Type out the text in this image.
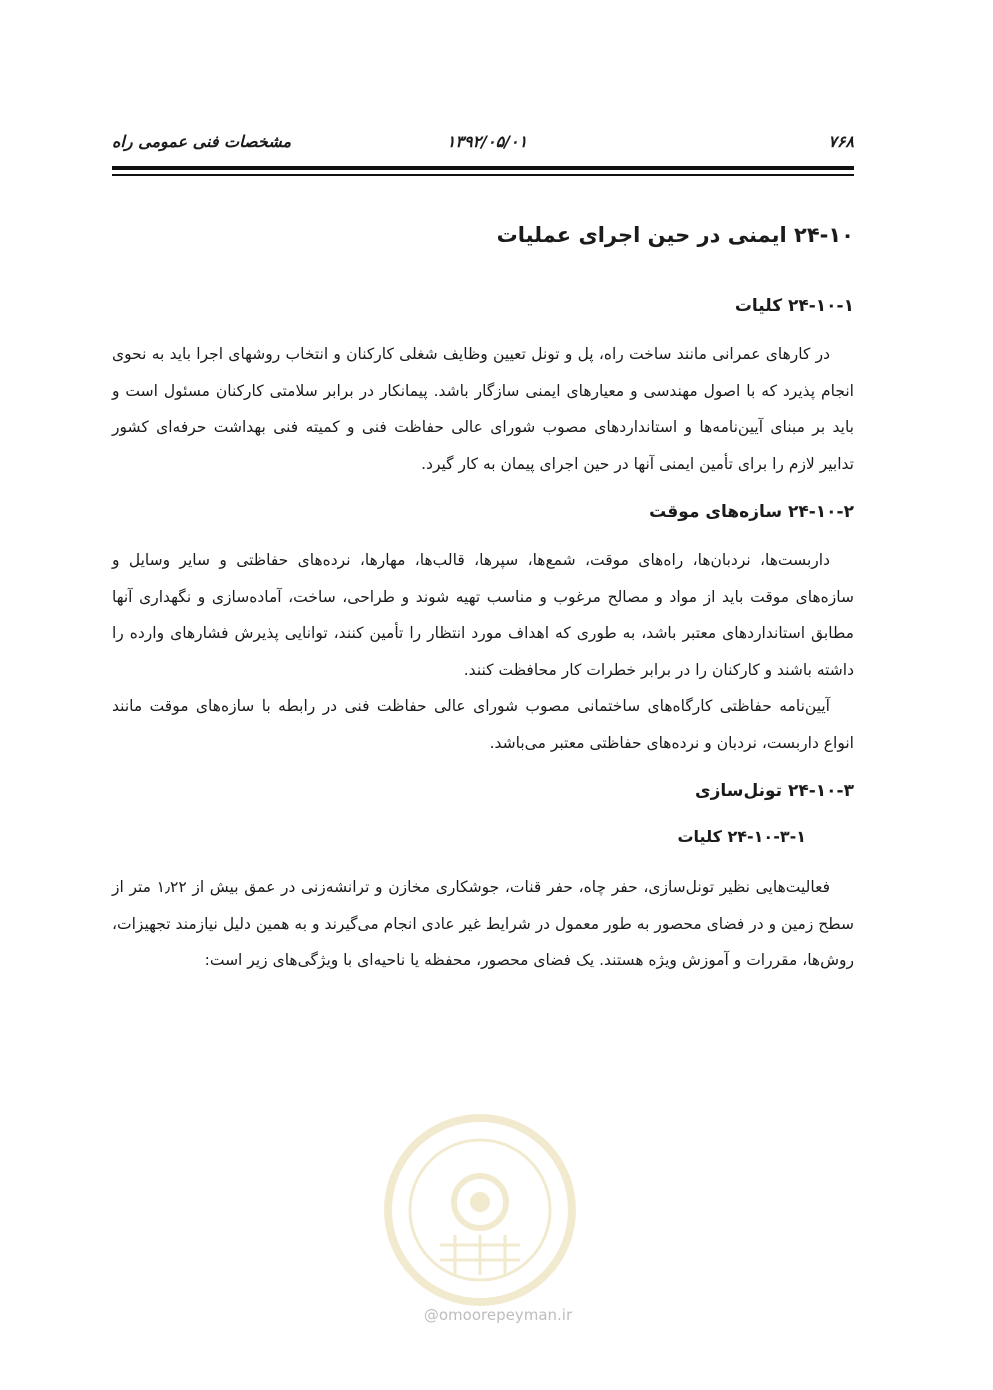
۷۶۸
۱۳۹۲/۰۵/۰۱
مشخصات فنی عمومی راه
۲۴-۱۰ ایمنی در حین اجرای عملیات
۲۴-۱۰-۱ کلیات

در کارهای عمرانی مانند ساخت راه، پل و تونل تعیین وظایف شغلی کارکنان و انتخاب روشهای اجرا باید به نحوی انجام پذیرد که با اصول مهندسی و معیارهای ایمنی سازگار باشد. پیمانکار در برابر سلامتی کارکنان مسئول است و باید بر مبنای آیین‌نامه‌ها و استانداردهای مصوب شورای عالی حفاظت فنی و کمیته فنی بهداشت حرفه‌ای کشور تدابیر لازم را برای تأمین ایمنی آنها در حین اجرای پیمان به کار گیرد.

۲۴-۱۰-۲ سازه‌های موقت

داربست‌ها، نردبان‌ها، راه‌های موقت، شمع‌ها، سپرها، قالب‌ها، مهارها، نرده‌های حفاظتی و سایر وسایل و سازه‌های موقت باید از مواد و مصالح مرغوب و مناسب تهیه شوند و طراحی، ساخت، آماده‌سازی و نگهداری آنها مطابق استانداردهای معتبر باشد، به طوری که اهداف مورد انتظار را تأمین کنند، توانایی پذیرش فشارهای وارده را داشته باشند و کارکنان را در برابر خطرات کار محافظت کنند.

آیین‌نامه حفاظتی کارگاه‌های ساختمانی مصوب شورای عالی حفاظت فنی در رابطه با سازه‌های موقت مانند انواع داربست، نردبان و نرده‌های حفاظتی معتبر می‌باشد.

۲۴-۱۰-۳ تونل‌سازی
۲۴-۱۰-۳-۱ کلیات

فعالیت‌هایی نظیر تونل‌سازی، حفر چاه، حفر قنات، جوشکاری مخازن و ترانشه‌زنی در عمق بیش از ۱٫۲۲ متر از سطح زمین و در فضای محصور به طور معمول در شرایط غیر عادی انجام می‌گیرند و به همین دلیل نیازمند تجهیزات، روش‌ها، مقررات و آموزش ویژه هستند. یک فضای محصور، محفظه یا ناحیه‌ای با ویژگی‌های زیر است:

@omoorepeyman.ir
